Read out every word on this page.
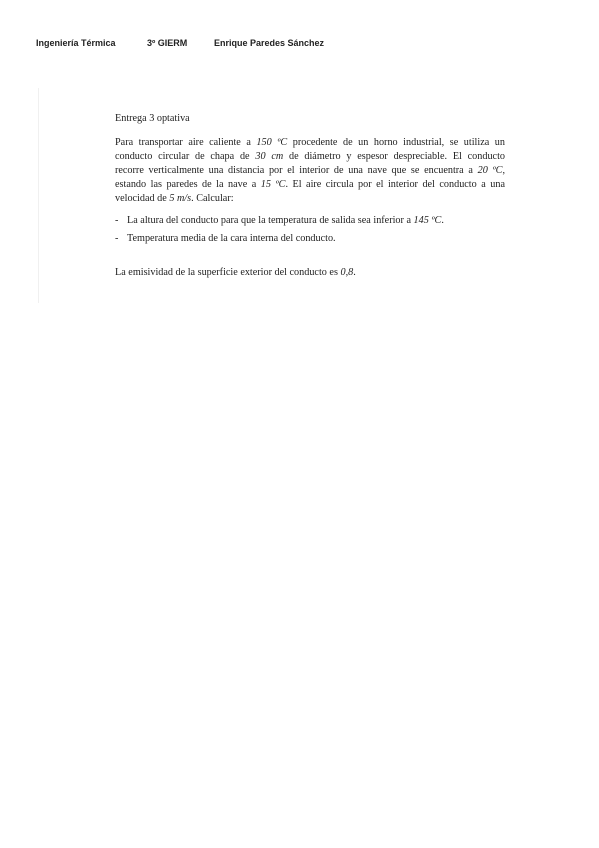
Ingeniería Térmica	3º GIERM	Enrique Paredes Sánchez
Entrega 3 optativa
Para transportar aire caliente a 150 ºC procedente de un horno industrial, se utiliza un
conducto circular de chapa de 30 cm de diámetro y espesor despreciable. El conducto
recorre verticalmente una distancia por el interior de una nave que se encuentra a 20 ºC,
estando las paredes de la nave a 15 ºC. El aire circula por el interior del conducto a una
velocidad de 5 m/s. Calcular:
- La altura del conducto para que la temperatura de salida sea inferior a 145 ºC.
- Temperatura media de la cara interna del conducto.
La emisividad de la superficie exterior del conducto es 0,8.
